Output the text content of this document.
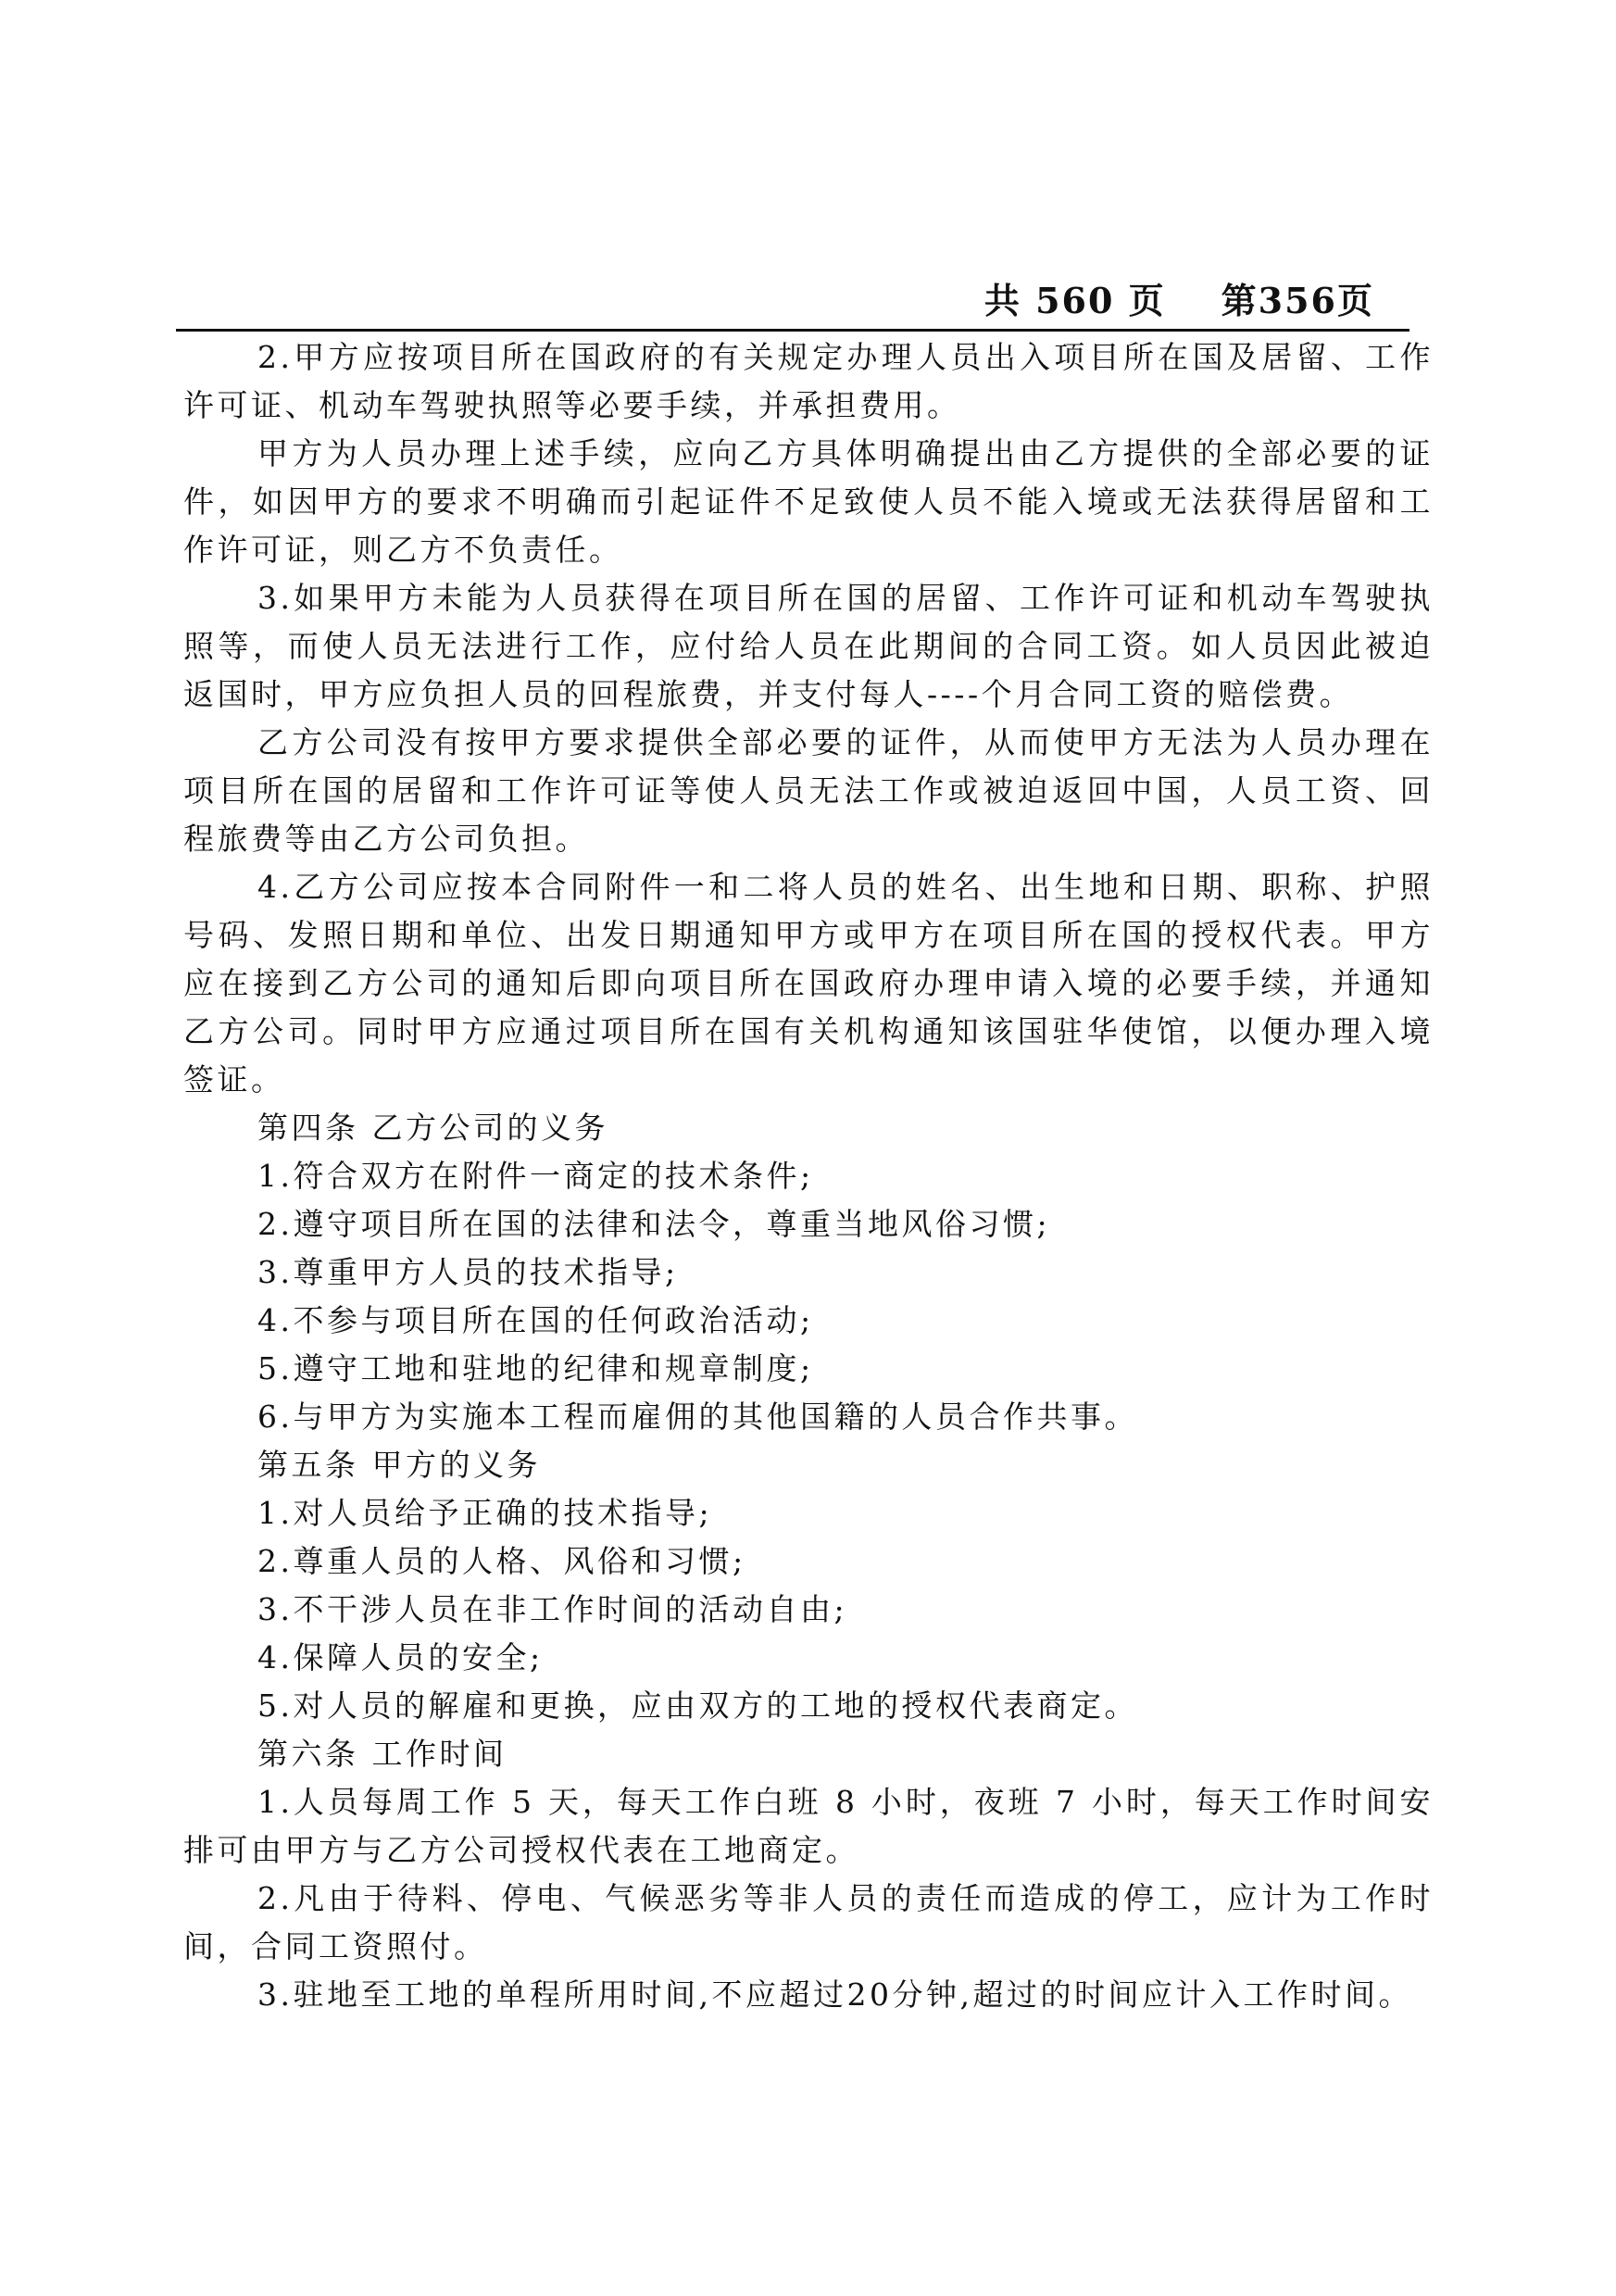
共 560 页 第356页

2.甲方应按项目所在国政府的有关规定办理人员出入项目所在国及居留、工作许可证、机动车驾驶执照等必要手续，并承担费用。

甲方为人员办理上述手续，应向乙方具体明确提出由乙方提供的全部必要的证件，如因甲方的要求不明确而引起证件不足致使人员不能入境或无法获得居留和工作许可证，则乙方不负责任。

3.如果甲方未能为人员获得在项目所在国的居留、工作许可证和机动车驾驶执照等，而使人员无法进行工作，应付给人员在此期间的合同工资。如人员因此被迫返国时，甲方应负担人员的回程旅费，并支付每人----个月合同工资的赔偿费。

乙方公司没有按甲方要求提供全部必要的证件，从而使甲方无法为人员办理在项目所在国的居留和工作许可证等使人员无法工作或被迫返回中国，人员工资、回程旅费等由乙方公司负担。

4.乙方公司应按本合同附件一和二将人员的姓名、出生地和日期、职称、护照号码、发照日期和单位、出发日期通知甲方或甲方在项目所在国的授权代表。甲方应在接到乙方公司的通知后即向项目所在国政府办理申请入境的必要手续，并通知乙方公司。同时甲方应通过项目所在国有关机构通知该国驻华使馆，以便办理入境签证。

第四条 乙方公司的义务

1.符合双方在附件一商定的技术条件;

2.遵守项目所在国的法律和法令，尊重当地风俗习惯;

3.尊重甲方人员的技术指导;

4.不参与项目所在国的任何政治活动;

5.遵守工地和驻地的纪律和规章制度;

6.与甲方为实施本工程而雇佣的其他国籍的人员合作共事。

第五条 甲方的义务

1.对人员给予正确的技术指导;

2.尊重人员的人格、风俗和习惯;

3.不干涉人员在非工作时间的活动自由;

4.保障人员的安全;

5.对人员的解雇和更换，应由双方的工地的授权代表商定。

第六条 工作时间

1.人员每周工作 5 天，每天工作白班 8 小时，夜班 7 小时，每天工作时间安排可由甲方与乙方公司授权代表在工地商定。

2.凡由于待料、停电、气候恶劣等非人员的责任而造成的停工，应计为工作时间，合同工资照付。

3.驻地至工地的单程所用时间,不应超过20分钟,超过的时间应计入工作时间。
